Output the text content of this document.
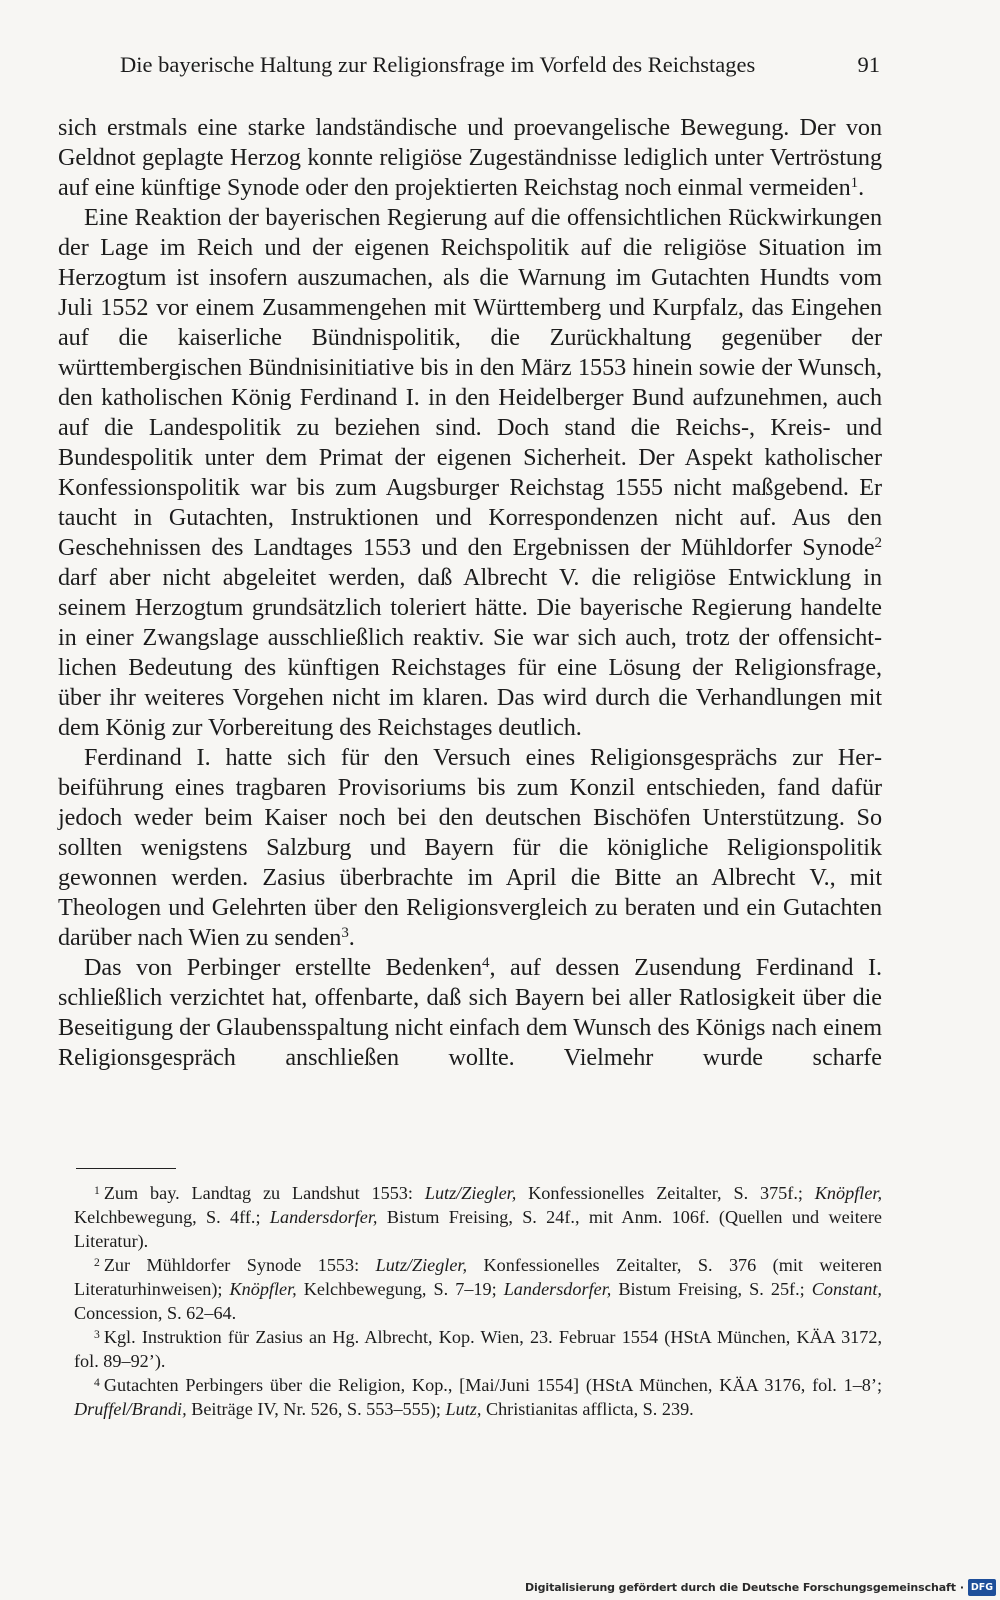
Die bayerische Haltung zur Religionsfrage im Vorfeld des Reichstages	91

sich erstmals eine starke landständische und proevangelische Bewegung. Der von Geldnot geplagte Herzog konnte religiöse Zugeständnisse lediglich unter Vertröstung auf eine künftige Synode oder den projektierten Reichstag noch einmal vermeiden$^1$.

Eine Reaktion der bayerischen Regierung auf die offensichtlichen Rückwirkungen der Lage im Reich und der eigenen Reichspolitik auf die religiöse Situation im Herzogtum ist insofern auszumachen, als die Warnung im Gutachten Hundts vom Juli 1552 vor einem Zusammengehen mit Württemberg und Kurpfalz, das Eingehen auf die kaiserliche Bündnispolitik, die Zurückhaltung gegenüber der württembergischen Bündnisinitiative bis in den März 1553 hinein sowie der Wunsch, den katholischen König Ferdinand I. in den Heidelberger Bund aufzunehmen, auch auf die Landespolitik zu beziehen sind. Doch stand die Reichs-, Kreis- und Bundespolitik unter dem Primat der eigenen Sicherheit. Der Aspekt katholischer Konfessionspolitik war bis zum Augsburger Reichstag 1555 nicht maßgebend. Er taucht in Gutachten, Instruktionen und Korrespondenzen nicht auf. Aus den Geschehnissen des Landtages 1553 und den Ergebnissen der Mühldorfer Synode$^2$ darf aber nicht abgeleitet werden, daß Albrecht V. die religiöse Entwicklung in seinem Herzogtum grundsätzlich toleriert hätte. Die bayerische Regierung handelte in einer Zwangslage ausschließlich reaktiv. Sie war sich auch, trotz der offensichtlichen Bedeutung des künftigen Reichstages für eine Lösung der Religionsfrage, über ihr weiteres Vorgehen nicht im klaren. Das wird durch die Verhandlungen mit dem König zur Vorbereitung des Reichstages deutlich.

Ferdinand I. hatte sich für den Versuch eines Religionsgesprächs zur Herbeiführung eines tragbaren Provisoriums bis zum Konzil entschieden, fand dafür jedoch weder beim Kaiser noch bei den deutschen Bischöfen Unterstützung. So sollten wenigstens Salzburg und Bayern für die königliche Religionspolitik gewonnen werden. Zasius überbrachte im April die Bitte an Albrecht V., mit Theologen und Gelehrten über den Religionsvergleich zu beraten und ein Gutachten darüber nach Wien zu senden$^3$.

Das von Perbinger erstellte Bedenken$^4$, auf dessen Zusendung Ferdinand I. schließlich verzichtet hat, offenbarte, daß sich Bayern bei aller Ratlosigkeit über die Beseitigung der Glaubensspaltung nicht einfach dem Wunsch des Königs nach einem Religionsgespräch anschließen wollte. Vielmehr wurde scharfe

$^1$ Zum bay. Landtag zu Landshut 1553: Lutz/Ziegler, Konfessionelles Zeitalter, S. 375f.; Knöpfler, Kelchbewegung, S. 4ff.; Landersdorfer, Bistum Freising, S. 24f., mit Anm. 106f. (Quellen und weitere Literatur).

$^2$ Zur Mühldorfer Synode 1553: Lutz/Ziegler, Konfessionelles Zeitalter, S. 376 (mit weiteren Literaturhinweisen); Knöpfler, Kelchbewegung, S. 7–19; Landersdorfer, Bistum Freising, S. 25f.; Constant, Concession, S. 62–64.

$^3$ Kgl. Instruktion für Zasius an Hg. Albrecht, Kop. Wien, 23. Februar 1554 (HStA München, KÄA 3172, fol. 89–92’).

$^4$ Gutachten Perbingers über die Religion, Kop., [Mai/Juni 1554] (HStA München, KÄA 3176, fol. 1–8’; Druffel/Brandi, Beiträge IV, Nr. 526, S. 553–555); Lutz, Christianitas afflicta, S. 239.

Digitalisierung gefördert durch die Deutsche Forschungsgemeinschaft · DFG
